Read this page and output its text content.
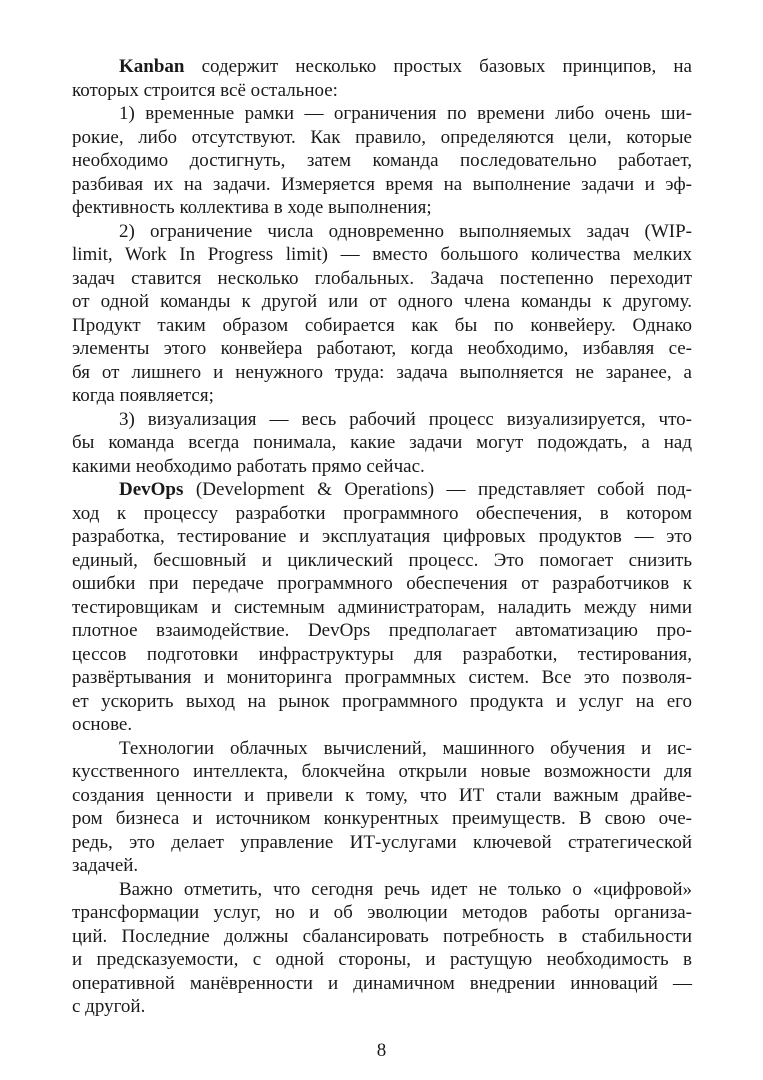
Kanban содержит несколько простых базовых принципов, на
которых строится всё остальное:
1) временные рамки — ограничения по времени либо очень ши-
рокие, либо отсутствуют. Как правило, определяются цели, которые
необходимо достигнуть, затем команда последовательно работает,
разбивая их на задачи. Измеряется время на выполнение задачи и эф-
фективность коллектива в ходе выполнения;
2) ограничение числа одновременно выполняемых задач (WIP-
limit, Work In Progress limit) — вместо большого количества мелких
задач ставится несколько глобальных. Задача постепенно переходит
от одной команды к другой или от одного члена команды к другому.
Продукт таким образом собирается как бы по конвейеру. Однако
элементы этого конвейера работают, когда необходимо, избавляя се-
бя от лишнего и ненужного труда: задача выполняется не заранее, а
когда появляется;
3) визуализация — весь рабочий процесс визуализируется, что-
бы команда всегда понимала, какие задачи могут подождать, а над
какими необходимо работать прямо сейчас.
DevOps (Development & Operations) — представляет собой под-
ход к процессу разработки программного обеспечения, в котором
разработка, тестирование и эксплуатация цифровых продуктов — это
единый, бесшовный и циклический процесс. Это помогает снизить
ошибки при передаче программного обеспечения от разработчиков к
тестировщикам и системным администраторам, наладить между ними
плотное взаимодействие. DevOps предполагает автоматизацию про-
цессов подготовки инфраструктуры для разработки, тестирования,
развёртывания и мониторинга программных систем. Все это позволя-
ет ускорить выход на рынок программного продукта и услуг на его
основе.
Технологии облачных вычислений, машинного обучения и ис-
кусственного интеллекта, блокчейна открыли новые возможности для
создания ценности и привели к тому, что ИТ стали важным драйве-
ром бизнеса и источником конкурентных преимуществ. В свою оче-
редь, это делает управление ИТ-услугами ключевой стратегической
задачей.
Важно отметить, что сегодня речь идет не только о «цифровой»
трансформации услуг, но и об эволюции методов работы организа-
ций. Последние должны сбалансировать потребность в стабильности
и предсказуемости, с одной стороны, и растущую необходимость в
оперативной манёвренности и динамичном внедрении инноваций —
с другой.
8
